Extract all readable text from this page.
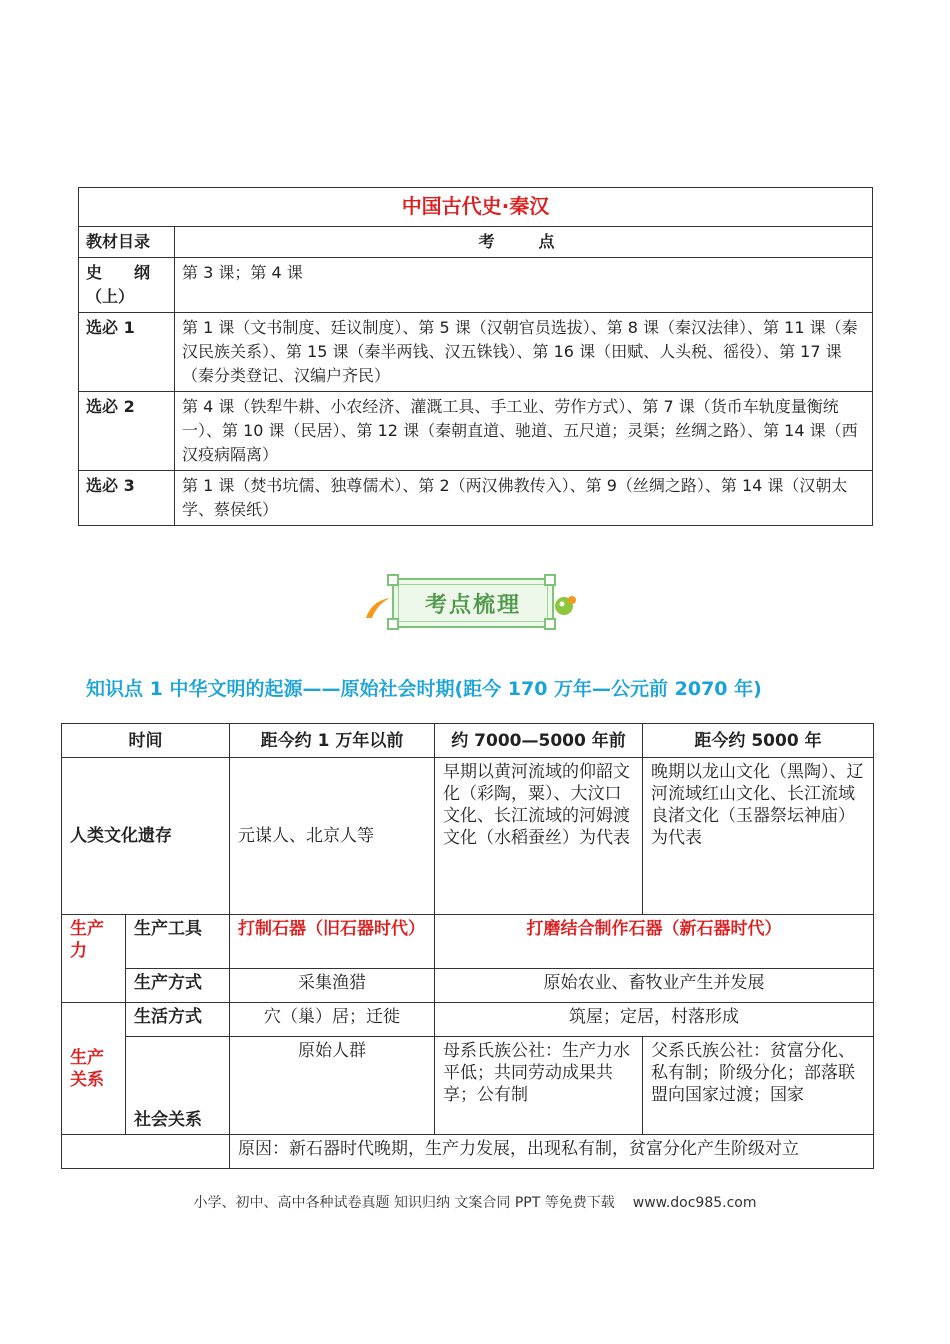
中国古代史·秦汉	
教材目录	考　点
史　　纲（上）	第 3 课；第 4 课
选必 1	第 1 课（文书制度、廷议制度）、第 5 课（汉朝官员选拔）、第 8 课（秦汉法律）、第 11 课（秦汉民族关系）、第 15 课（秦半两钱、汉五铢钱）、第 16 课（田赋、人头税、徭役）、第 17 课（秦分类登记、汉编户齐民）
选必 2	第 4 课（铁犁牛耕、小农经济、灌溉工具、手工业、劳作方式）、第 7 课（货币车轨度量衡统一）、第 10 课（民居）、第 12 课（秦朝直道、驰道、五尺道；灵渠；丝绸之路）、第 14 课（西汉疫病隔离）
选必 3	第 1 课（焚书坑儒、独尊儒术）、第 2（两汉佛教传入）、第 9（丝绸之路）、第 14 课（汉朝太学、蔡侯纸）
考点梳理
知识点 1 中华文明的起源——原始社会时期(距今 170 万年—公元前 2070 年)
时间		距今约 1 万年以前	约 7000—5000 年前	距今约 5000 年
人类文化遗存		元谋人、北京人等	早期以黄河流域的仰韶文化（彩陶，粟）、大汶口文化、长江流域的河姆渡文化（水稻蚕丝）为代表	晚期以龙山文化（黑陶）、辽河流域红山文化、长江流域良渚文化（玉器祭坛神庙）为代表
生产力	生产工具	打制石器（旧石器时代）	打磨结合制作石器（新石器时代）	
	生产方式	采集渔猎	原始农业、畜牧业产生并发展	
生产关系	生活方式	穴（巢）居；迁徙	筑屋；定居，村落形成	
	社会关系	原始人群	母系氏族公社：生产力水平低；共同劳动成果共享；公有制	父系氏族公社：贫富分化、私有制；阶级分化；部落联盟向国家过渡；国家
		原因：新石器时代晚期，生产力发展，出现私有制，贫富分化产生阶级对立		
小学、初中、高中各种试卷真题 知识归纳 文案合同 PPT 等免费下载 www.doc985.com
